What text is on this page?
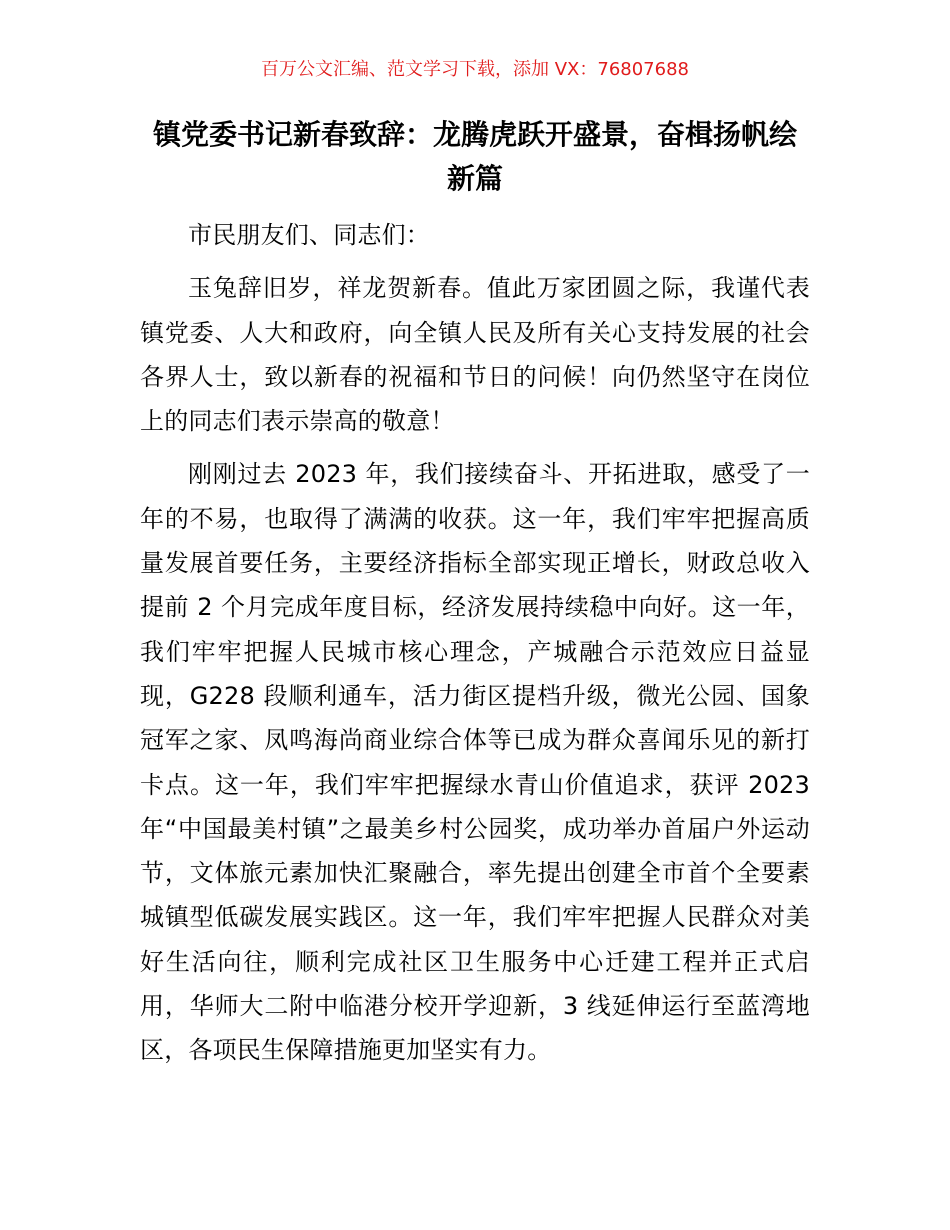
百万公文汇编、范文学习下载，添加 VX：76807688
镇党委书记新春致辞：龙腾虎跃开盛景，奋楫扬帆绘新篇

市民朋友们、同志们：

玉兔辞旧岁，祥龙贺新春。值此万家团圆之际，我谨代表镇党委、人大和政府，向全镇人民及所有关心支持发展的社会各界人士，致以新春的祝福和节日的问候！向仍然坚守在岗位上的同志们表示崇高的敬意！

刚刚过去 2023 年，我们接续奋斗、开拓进取，感受了一年的不易，也取得了满满的收获。这一年，我们牢牢把握高质量发展首要任务，主要经济指标全部实现正增长，财政总收入提前 2 个月完成年度目标，经济发展持续稳中向好。这一年，我们牢牢把握人民城市核心理念，产城融合示范效应日益显现，G228 段顺利通车，活力街区提档升级，微光公园、国象冠军之家、凤鸣海尚商业综合体等已成为群众喜闻乐见的新打卡点。这一年，我们牢牢把握绿水青山价值追求，获评 2023 年“中国最美村镇”之最美乡村公园奖，成功举办首届户外运动节，文体旅元素加快汇聚融合，率先提出创建全市首个全要素城镇型低碳发展实践区。这一年，我们牢牢把握人民群众对美好生活向往，顺利完成社区卫生服务中心迁建工程并正式启用，华师大二附中临港分校开学迎新，3 线延伸运行至蓝湾地区，各项民生保障措施更加坚实有力。
